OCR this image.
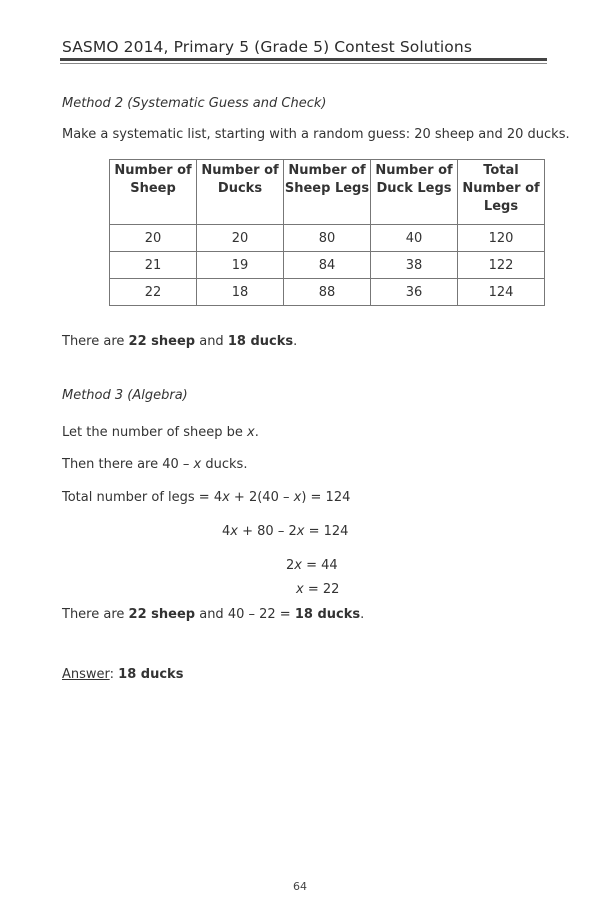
SASMO 2014, Primary 5 (Grade 5) Contest Solutions
Method 2 (Systematic Guess and Check)
Make a systematic list, starting with a random guess: 20 sheep and 20 ducks.
Number of Sheep	Number of Ducks	Number of Sheep Legs	Number of Duck Legs	Total Number of Legs
20	20	80	40	120
21	19	84	38	122
22	18	88	36	124
There are 22 sheep and 18 ducks.
Method 3 (Algebra)
Let the number of sheep be x.
Then there are 40 – x ducks.
Total number of legs = 4x + 2(40 – x) = 124
4x + 80 – 2x = 124
2x = 44
x = 22
There are 22 sheep and 40 – 22 = 18 ducks.
Answer: 18 ducks
64
